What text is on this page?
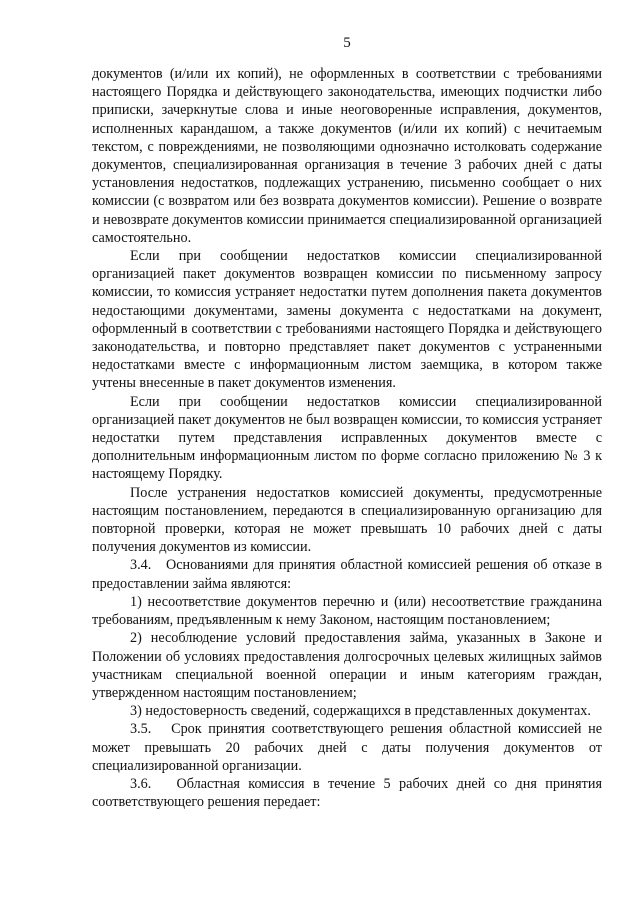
5

документов (и/или их копий), не оформленных в соответствии с требованиями настоящего Порядка и действующего законодательства, имеющих подчистки либо приписки, зачеркнутые слова и иные неоговоренные исправления, документов, исполненных карандашом, а также документов (и/или их копий) с нечитаемым текстом, с повреждениями, не позволяющими однозначно истолковать содержание документов, специализированная организация в течение 3 рабочих дней с даты установления недостатков, подлежащих устранению, письменно сообщает о них комиссии (с возвратом или без возврата документов комиссии). Решение о возврате и невозврате документов комиссии принимается специализированной организацией самостоятельно.

Если при сообщении недостатков комиссии специализированной организацией пакет документов возвращен комиссии по письменному запросу комиссии, то комиссия устраняет недостатки путем дополнения пакета документов недостающими документами, замены документа с недостатками на документ, оформленный в соответствии с требованиями настоящего Порядка и действующего законодательства, и повторно представляет пакет документов с устраненными недостатками вместе с информационным листом заемщика, в котором также учтены внесенные в пакет документов изменения.

Если при сообщении недостатков комиссии специализированной организацией пакет документов не был возвращен комиссии, то комиссия устраняет недостатки путем представления исправленных документов вместе с дополнительным информационным листом по форме согласно приложению № 3 к настоящему Порядку.

После устранения недостатков комиссией документы, предусмотренные настоящим постановлением, передаются в специализированную организацию для повторной проверки, которая не может превышать 10 рабочих дней с даты получения документов из комиссии.

3.4.   Основаниями для принятия областной комиссией решения об отказе в предоставлении займа являются:

1) несоответствие документов перечню и (или) несоответствие гражданина требованиям, предъявленным к нему Законом, настоящим постановлением;

2) несоблюдение условий предоставления займа, указанных в Законе и Положении об условиях предоставления долгосрочных целевых жилищных займов участникам специальной военной операции и иным категориям граждан, утвержденном настоящим постановлением;

3) недостоверность сведений, содержащихся в представленных документах.

3.5.   Срок принятия соответствующего решения областной комиссией не может превышать 20 рабочих дней с даты получения документов от специализированной организации.

3.6.   Областная комиссия в течение 5 рабочих дней со дня принятия соответствующего решения передает:
